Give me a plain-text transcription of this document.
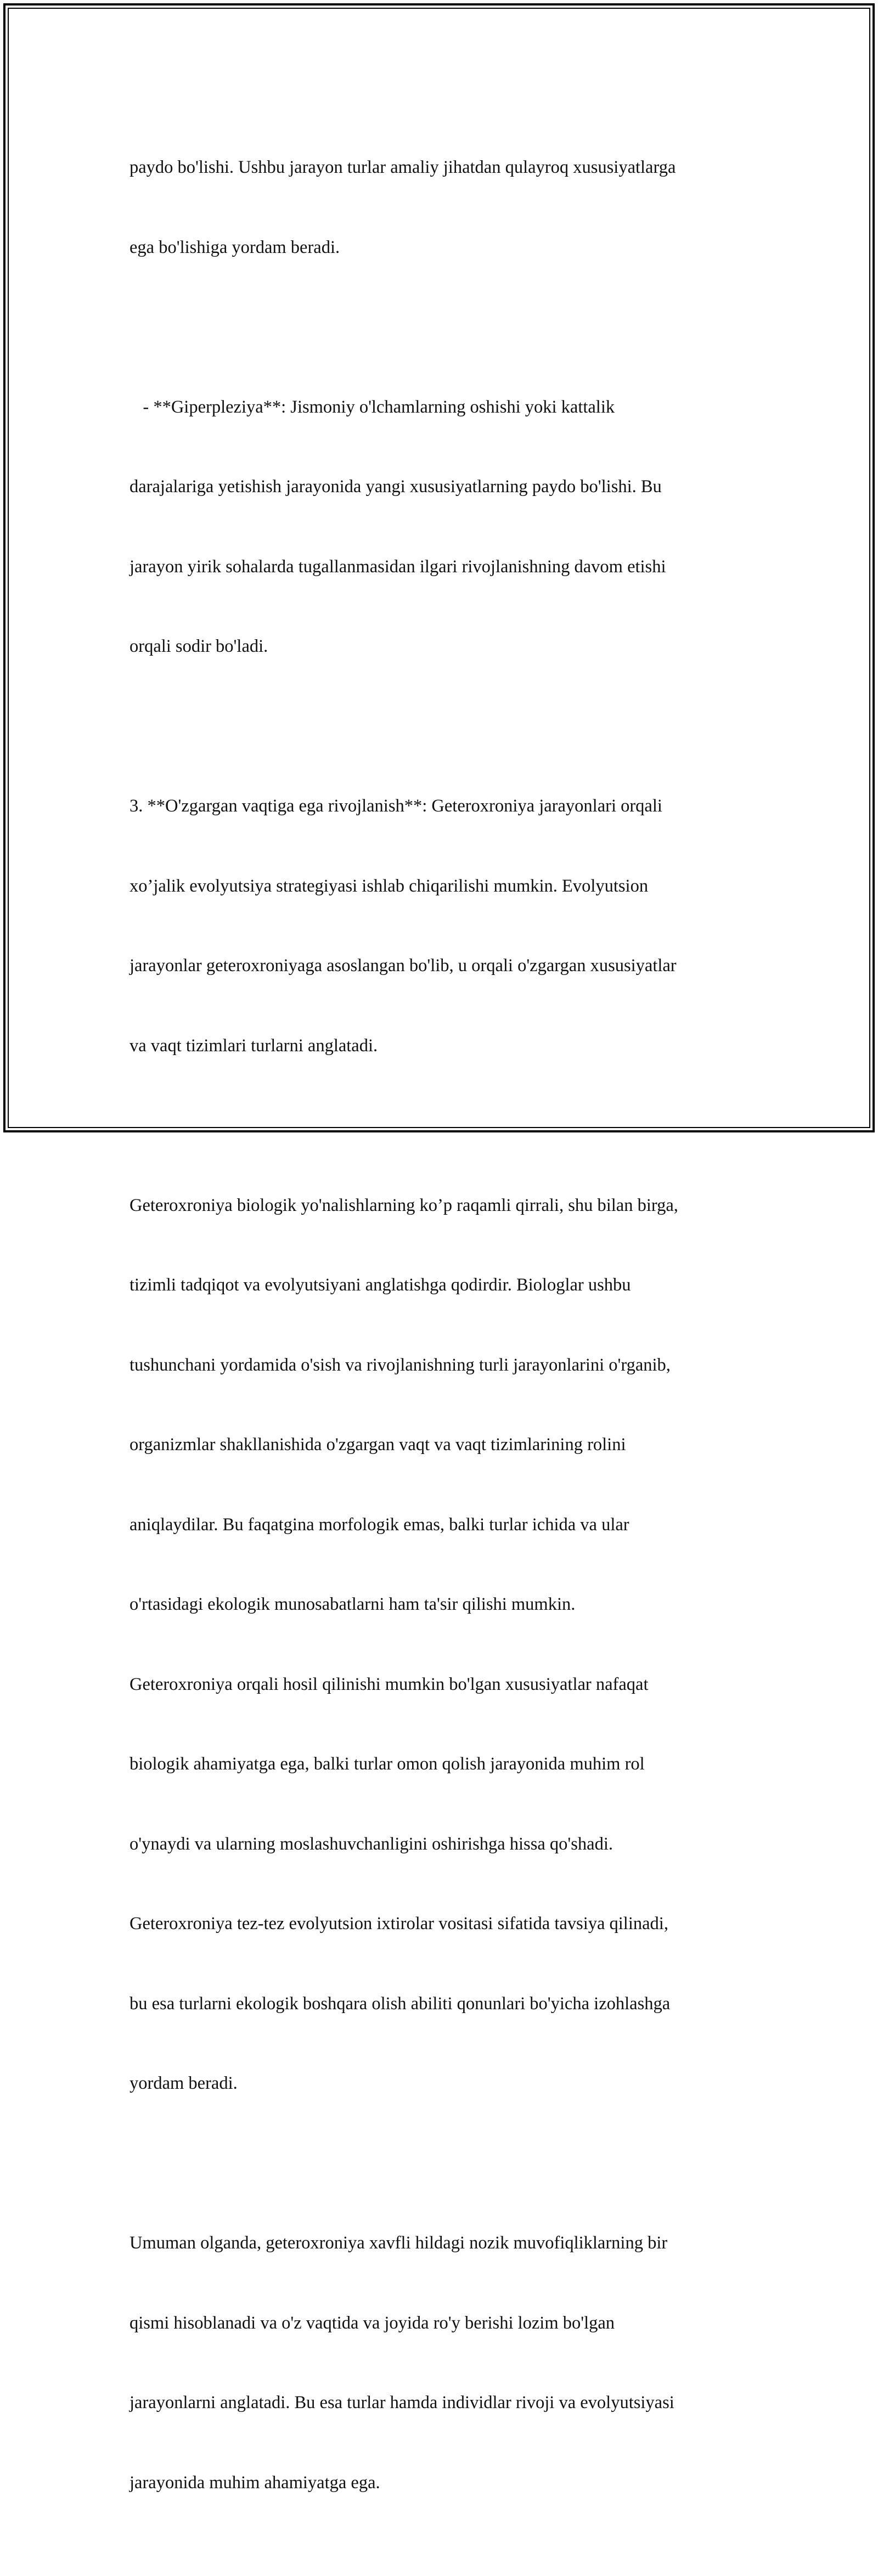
paydo bo'lishi. Ushbu jarayon turlar amaliy jihatdan qulayroq xususiyatlarga

ega bo'lishiga yordam beradi.

- **Giperpleziya**: Jismoniy o'lchamlarning oshishi yoki kattalik

darajalariga yetishish jarayonida yangi xususiyatlarning paydo bo'lishi. Bu

jarayon yirik sohalarda tugallanmasidan ilgari rivojlanishning davom etishi

orqali sodir bo'ladi.

3. **O'zgargan vaqtiga ega rivojlanish**: Geteroxroniya jarayonlari orqali

xo’jalik evolyutsiya strategiyasi ishlab chiqarilishi mumkin. Evolyutsion

jarayonlar geteroxroniyaga asoslangan bo'lib, u orqali o'zgargan xususiyatlar

va vaqt tizimlari turlarni anglatadi.

Geteroxroniya biologik yo'nalishlarning ko’p raqamli qirrali, shu bilan birga,

tizimli tadqiqot va evolyutsiyani anglatishga qodirdir. Biologlar ushbu

tushunchani yordamida o'sish va rivojlanishning turli jarayonlarini o'rganib,

organizmlar shakllanishida o'zgargan vaqt va vaqt tizimlarining rolini

aniqlaydilar. Bu faqatgina morfologik emas, balki turlar ichida va ular

o'rtasidagi ekologik munosabatlarni ham ta'sir qilishi mumkin.

Geteroxroniya orqali hosil qilinishi mumkin bo'lgan xususiyatlar nafaqat

biologik ahamiyatga ega, balki turlar omon qolish jarayonida muhim rol

o'ynaydi va ularning moslashuvchanligini oshirishga hissa qo'shadi.

Geteroxroniya tez-tez evolyutsion ixtirolar vositasi sifatida tavsiya qilinadi,

bu esa turlarni ekologik boshqara olish abiliti qonunlari bo'yicha izohlashga

yordam beradi.

Umuman olganda, geteroxroniya xavfli hildagi nozik muvofiqliklarning bir

qismi hisoblanadi va o'z vaqtida va joyida ro'y berishi lozim bo'lgan

jarayonlarni anglatadi. Bu esa turlar hamda individlar rivoji va evolyutsiyasi

jarayonida muhim ahamiyatga ega.
